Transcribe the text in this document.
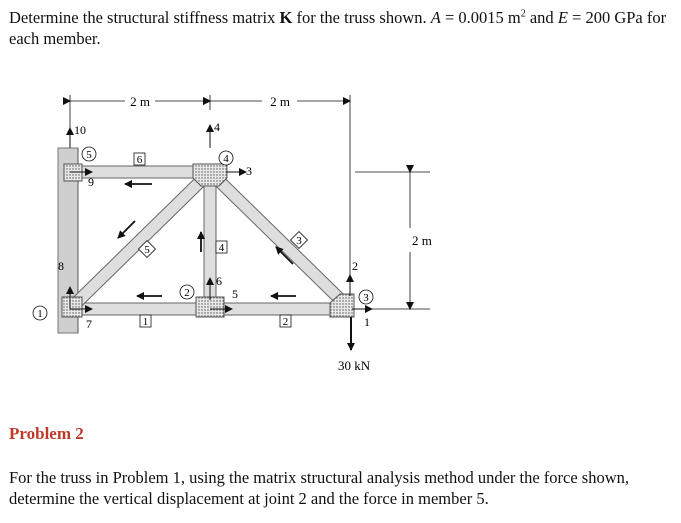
Determine the structural stiffness matrix K for the truss shown. A = 0.0015 $m^2$ and E = 200 GPa for each member.
2 m	2 m
2 m
30 kN
1
2	3
4
5
1	2
3
4
5
6
1
2
3
4
5
6
7
8
9
10
Problem 2
For the truss in Problem 1, using the matrix structural analysis method under the force shown, determine the vertical displacement at joint 2 and the force in member 5.
